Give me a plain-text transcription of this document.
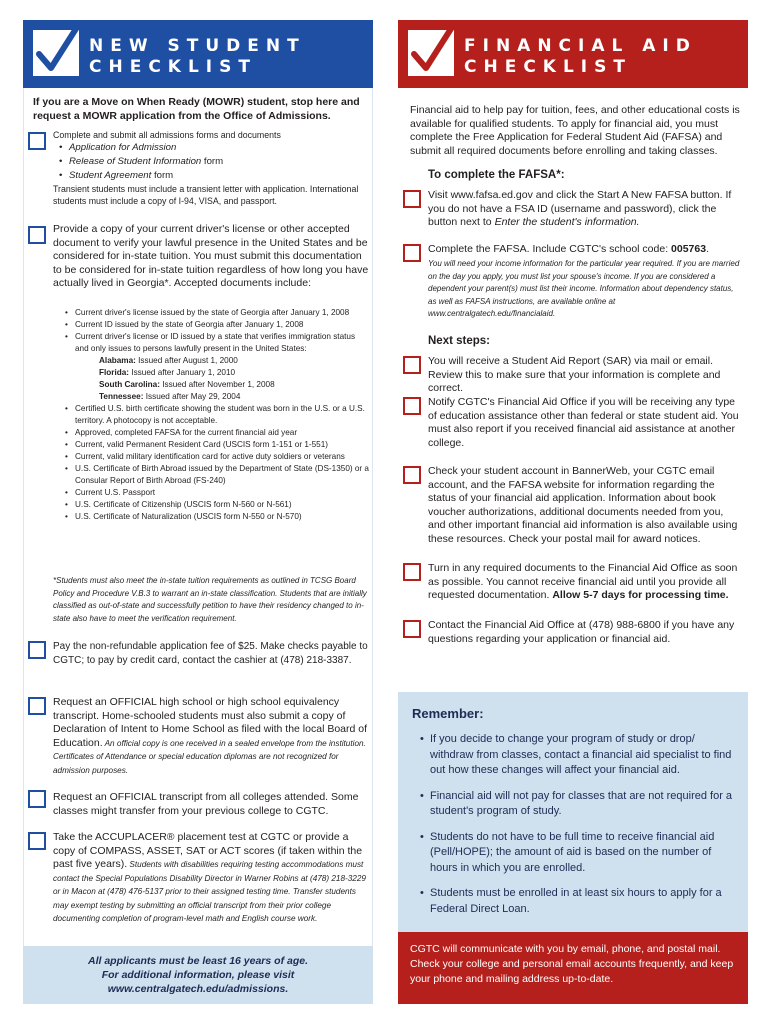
NEW STUDENT
CHECKLIST
If you are a Move on When Ready (MOWR) student, stop here and request a MOWR application from the Office of Admissions.
Complete and submit all admissions forms and documents
• Application for Admission
• Release of Student Information form
• Student Agreement form
Transient students must include a transient letter with application. International students must include a copy of I-94, VISA, and passport.
Provide a copy of your current driver's license or other accepted document to verify your lawful presence in the United States and be considered for in-state tuition. You must submit this documentation to be considered for in-state tuition regardless of how long you have actually lived in Georgia*. Accepted documents include:
• Current driver's license issued by the state of Georgia after January 1, 2008
• Current ID issued by the state of Georgia after January 1, 2008
• Current driver's license or ID issued by a state that verifies immigration status and only issues to persons lawfully present in the United States:
Alabama: Issued after August 1, 2000
Florida: Issued after January 1, 2010
South Carolina: Issued after November 1, 2008
Tennessee: Issued after May 29, 2004
• Certified U.S. birth certificate showing the student was born in the U.S. or a U.S. territory. A photocopy is not acceptable.
• Approved, completed FAFSA for the current financial aid year
• Current, valid Permanent Resident Card (USCIS form 1-151 or 1-551)
• Current, valid military identification card for active duty soldiers or veterans
• U.S. Certificate of Birth Abroad issued by the Department of State (DS-1350) or a Consular Report of Birth Abroad (FS-240)
• Current U.S. Passport
• U.S. Certificate of Citizenship (USCIS form N-560 or N-561)
• U.S. Certificate of Naturalization (USCIS form N-550 or N-570)
*Students must also meet the in-state tuition requirements as outlined in TCSG Board Policy and Procedure V.B.3 to warrant an in-state classification. Students that are initially classified as out-of-state and successfully petition to have their residency changed to in-state also have to meet the verification requirement.
Pay the non-refundable application fee of $25. Make checks payable to CGTC; to pay by credit card, contact the cashier at (478) 218-3387.
Request an OFFICIAL high school or high school equivalency transcript. Home-schooled students must also submit a copy of Declaration of Intent to Home School as filed with the local Board of Education. An official copy is one received in a sealed envelope from the institution. Certificates of Attendance or special education diplomas are not recognized for admission purposes.
Request an OFFICIAL transcript from all colleges attended. Some classes might transfer from your previous college to CGTC.
Take the ACCUPLACER® placement test at CGTC or provide a copy of COMPASS, ASSET, SAT or ACT scores (if taken within the past five years). Students with disabilities requiring testing accommodations must contact the Special Populations Disability Director in Warner Robins at (478) 218-3229 or in Macon at (478) 476-5137 prior to their assigned testing time. Transfer students may exempt testing by submitting an official transcript from their prior college documenting completion of program-level math and English course work.
All applicants must be least 16 years of age.
For additional information, please visit
www.centralgatech.edu/admissions.
FINANCIAL AID
CHECKLIST
Financial aid to help pay for tuition, fees, and other educational costs is available for qualified students. To apply for financial aid, you must complete the Free Application for Federal Student Aid (FAFSA) and submit all required documents before enrolling and taking classes.
To complete the FAFSA*:
Visit www.fafsa.ed.gov and click the Start A New FAFSA button. If you do not have a FSA ID (username and password), click the button next to Enter the student's information.
Complete the FAFSA. Include CGTC's school code: 005763.
You will need your income information for the particular year required. If you are married on the day you apply, you must list your spouse's income. If you are considered a dependent your parent(s) must list their income. Information about dependency status, as well as FAFSA instructions, are available online at www.centralgatech.edu/financialaid.
Next steps:
You will receive a Student Aid Report (SAR) via mail or email. Review this to make sure that your information is complete and correct.
Notify CGTC's Financial Aid Office if you will be receiving any type of education assistance other than federal or state student aid. You must also report if you received financial aid assistance at another college.
Check your student account in BannerWeb, your CGTC email account, and the FAFSA website for information regarding the status of your financial aid application. Information about book voucher authorizations, additional documents needed from you, and other important financial aid information is also available using these resources. Check your postal mail for award notices.
Turn in any required documents to the Financial Aid Office as soon as possible. You cannot receive financial aid until you provide all requested documentation. Allow 5-7 days for processing time.
Contact the Financial Aid Office at (478) 988-6800 if you have any questions regarding your application or financial aid.
Remember:
• If you decide to change your program of study or drop/ withdraw from classes, contact a financial aid specialist to find out how these changes will affect your financial aid.
• Financial aid will not pay for classes that are not required for a student's program of study.
• Students do not have to be full time to receive financial aid (Pell/HOPE); the amount of aid is based on the number of hours in which you are enrolled.
• Students must be enrolled in at least six hours to apply for a Federal Direct Loan.
CGTC will communicate with you by email, phone, and postal mail. Check your college and personal email accounts frequently, and keep your phone and mailing address up-to-date.
